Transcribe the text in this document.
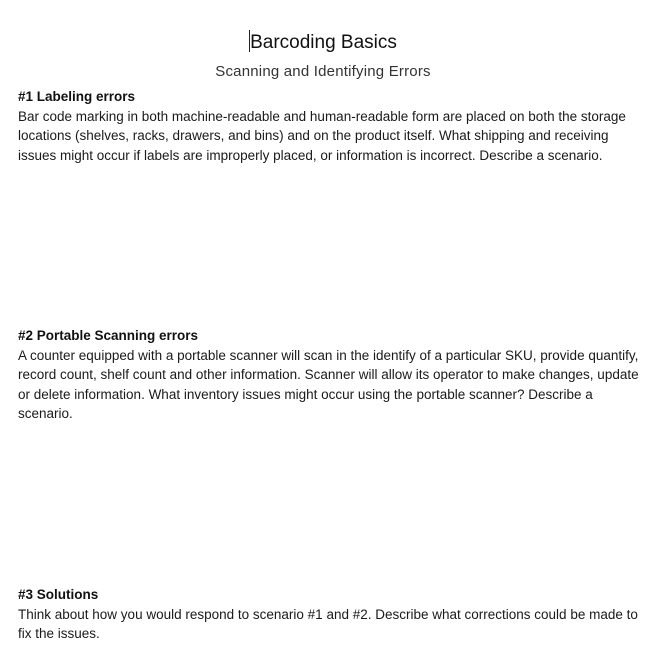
Barcoding Basics
Scanning and Identifying Errors
#1 Labeling errors
Bar code marking in both machine-readable and human-readable form are placed on both the storage locations (shelves, racks, drawers, and bins) and on the product itself. What shipping and receiving issues might occur if labels are improperly placed, or information is incorrect. Describe a scenario.
#2 Portable Scanning errors
A counter equipped with a portable scanner will scan in the identify of a particular SKU, provide quantify, record count, shelf count and other information. Scanner will allow its operator to make changes, update or delete information. What inventory issues might occur using the portable scanner? Describe a scenario.
#3 Solutions
Think about how you would respond to scenario #1 and #2. Describe what corrections could be made to fix the issues.
